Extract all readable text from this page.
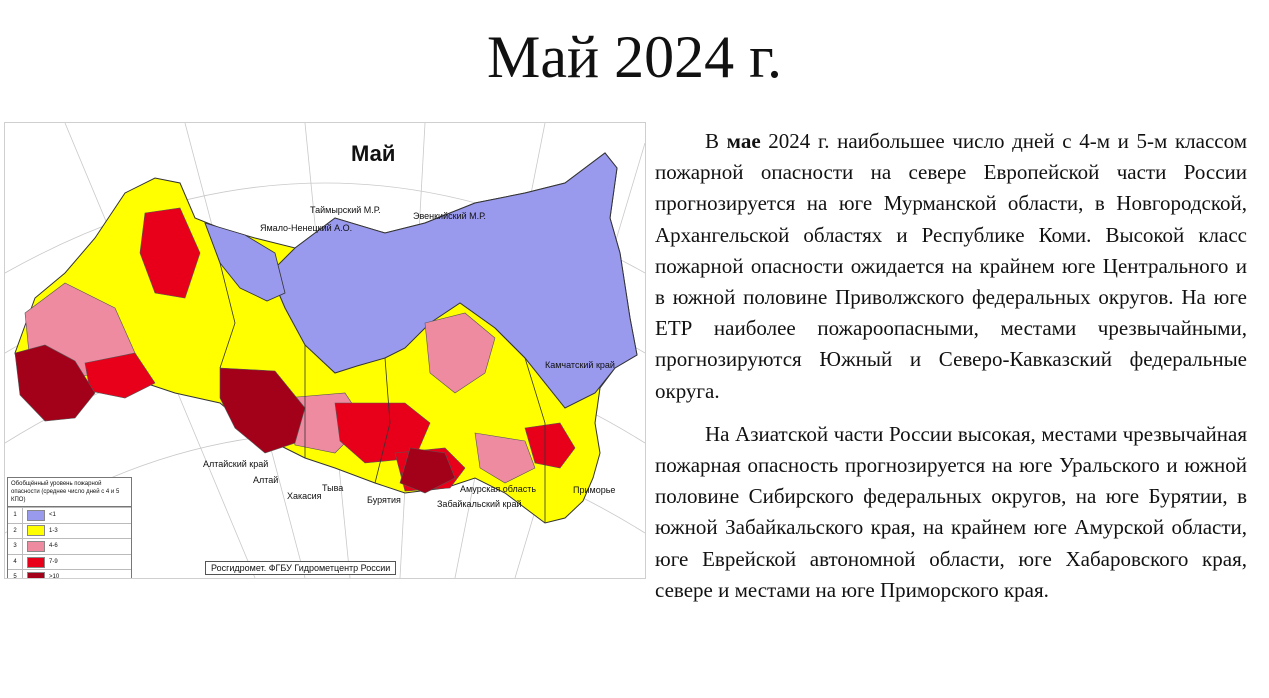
Май 2024 г.
Май
Таймырский М.Р.
Эвенкийский М.Р.
Ямало-Ненецкий А.О.
Камчатский край
Алтайский край
Алтай
Хакасия
Тыва
Бурятия
Амурская область
Забайкальский край
Приморье
Обобщённый уровень пожарной опасности (среднее число дней с 4 и 5 КПО)
1	<1
2	1-3
3	4-6
4	7-9
5	>10
Росгидромет. ФГБУ Гидрометцентр России

В мае 2024 г. наибольшее число дней с 4-м и 5-м классом пожарной опасности на севере Европейской части России прогнозируется на юге Мурманской области, в Новгородской, Архангельской областях и Республике Коми. Высокой класс пожарной опасности ожидается на крайнем юге Центрального и в южной половине Приволжского федеральных округов. На юге ЕТР наиболее пожароопасными, местами чрезвычайными, прогнозируются Южный и Северо-Кавказский федеральные округа.

На Азиатской части России высокая, местами чрезвычайная пожарная опасность прогнозируется на юге Уральского и южной половине Сибирского федеральных округов, на юге Бурятии, в южной Забайкальского края, на крайнем юге Амурской области, юге Еврейской автономной области, юге Хабаровского края, севере и местами на юге Приморского края.
